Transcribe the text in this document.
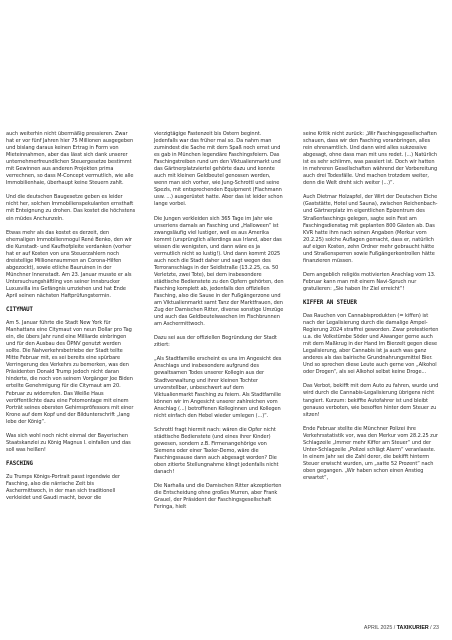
auch weiterhin nicht übermäßig pressieren. Zwar hat er vor fünf Jahren hier 75 Millionen ausgegeben und bislang daraus keinen Ertrag in Form von Mieteinnahmen, aber das lässt sich dank unserer unternehmerfreundlichen Steuergesetze bestimmt mit Gewinnen aus anderen Projekten prima verrechnen, so dass M-Concept vermutlich, wie alle Immobilienhaie, überhaupt keine Steuern zahlt.

Und die deutschen Baugesetze geben es leider nicht her, solchen Immobilienspekulanten ernsthaft mit Enteignung zu drohen. Das kostet die höchstens ein müdes Anchunzeln.

Etwas mehr als das kostet es derzeit, den ehemaligen Immobilienmogul René Benko, den wir die Kunstadt- und Kaufhofpleite verdanken (vorher hat er auf Kosten von uns Steuerzahlern noch dreistellige Millionensummen an Corona-Hilfen abgezockt), sowie etliche Bauruinen in der Münchner Innenstadt. Am 23. Januar musste er als Untersuchungshäftling von seiner Innsbrucker Luxusvilla ins Gefängnis umziehen und hat Ende April seinen nächsten Haftprüfungstermin.

CITYMAUT

Am 5. Januar führte die Stadt New York für Manhattans eine Citymaut von neun Dollar pro Tag ein, die übers Jahr rund eine Milliarde einbringen und für den Ausbau des ÖPNV genutzt werden sollte. Die Nahverkehrsbetriebe der Stadt teilte Mitte Februar mit, es sei bereits eine spürbare Verringerung des Verkehrs zu bemerken, was den Präsidenten Donald Trump jedoch nicht daran hinderte, die noch von seinem Vorgänger Joe Biden erteilte Genehmigung für die Citymaut am 20. Februar zu widerrufen. Das Weiße Haus veröffentlichte dazu eine Fotomontage mit einem Porträt seines obersten Gehirnspröfessors mit einer Krone auf dem Kopf und der Bildunterschrift „lang lebe der König“.

Was sich wohl noch nicht einmal der Bayerischen Staatskanzlei zu König Magnus I. einfallen und das soll was heißen!

FASCHING

Zu Trumps Königs-Portrait passt irgendwie der Fasching, also die närrische Zeit bis Aschermittwoch, in der man sich traditionell verkleidet und Gaudi macht, bevor die

vierzigtägige Fastenzeit bis Ostern beginnt. Jedenfalls war das früher mal so. Da nahm man zumindest die Sache mit dem Spaß noch ernst und es gab in München legendäre Faschingsfeiern. Das Faschingstreiben rund um den Viktualienmarkt und das Gärtnerplatzviertel gehörte dazu und konnte auch mit kleinen Geldbeutel genossen werden, wenn man sich vorher, wie Jung-Schrottl und seine Spezls, mit entsprechenden Equipment (Flachmann usw. ...) ausgerüstet hatte. Aber das ist leider schon lange vorbei.

Die Jungen verkleiden sich 365 Tage im Jahr wie unseriens damals an Fasching und „Halloween“ ist zwangsläufig viel lustiger, weil es aus Amerika kommt (ursprünglich allerdings aus Irland, aber das wissen die wenigsten, und dann wäre es ja vermutlich nicht so lustig!). Und dann kommt 2025 auch noch die Stadt daher und sagt wegen des Terroranschlags in der Seidlstraße (13.2.25, ca. 50 Verletzte, zwei Tote), bei dem insbesondere städtische Bedienstete zu den Opfern gehörten, den Fasching komplett ab, jedenfalls den offiziellen Fasching, also die Sause in der Fußgängerzone und am Viktualienmarkt samt Tanz der Marktfrauen, den Zug der Damischen Ritter, diverse sonstige Umzüge und auch das Geldbeutelwaschen im Fischbrunnen am Aschermittwoch.

Dazu sei aus der offiziellen Begründung der Stadt zitiert:

„Als Stadtfamilie erscheint es uns im Angesicht des Anschlags und insbesondere aufgrund des gewaltsamen Todes unserer Kollegin aus der Stadtverwaltung und ihrer kleinen Tochter unvorstellbar, unbeschwert auf dem Viktualienmarkt Fasching zu feiern. Als Stadtfamilie können wir im Angesicht unserer zahlreichen vom Anschlag (...) betroffenen Kolleginnen und Kollegen nicht einfach den Hebel wieder umlegen (...)“.

Schrottl fragt hiermit nach: wären die Opfer nicht städtische Bedienstete (und eines ihrer Kinder) gewesen, sondern z.B. Firmenangehörige von Siemens oder einer Taxler-Demo, wäre die Faschingssause dann auch abgesagt worden? Die oben zitierte Stellungnahme klingt jedenfalls nicht danach!

Die Narhalla und die Damischen Ritter akzeptierten die Entscheidung ohne großes Murren, aber Frank Grauel, der Präsident der Faschingsgesellschaft Feringa, hielt

seine Kritik nicht zurück: „Wir Faschingsgesellschaften schauen, dass wir den Fasching voranbringen, alles rein ehrenamtlich. Und dann wird alles sukzessive abgesagt, ohne dass man mit uns redet. (...) Natürlich ist es sehr schlimm, was passiert ist. Doch wir hatten in mehreren Gesellschaften während der Vorbereitung auch drei Todesfälle. Und machen trotzdem weiter, denn die Welt dreht sich weiter (...)“.

Auch Dietmar Holzapfel, der Wirt der Deutschen Eiche (Gaststätte, Hotel und Sauna), zwischen Reichenbach- und Gärtnerplatz im eigentlichen Epizentrum des Straßenfaschings gelegen, sagte sein Fest am Faschingsdienstag mit geplanten 800 Gästen ab. Das KVR hatte ihm nach seinen Angaben (Merkur vom 20.2.25) solche Auflagen gemacht, dass er, natürlich auf eigen Kosten, zehn Ordner mehr gebraucht hätte und Straßensperren sowie Fußgängerkontrollen hätte finanzieren müssen.

Dem angeblich religiös motivierten Anschlag vom 13. Februar kann man mit einem Navi-Spruch nur gratulieren: „Sie haben Ihr Ziel erreicht“!

KIFFER AN STEUER

Das Rauchen von Cannabisprodukten (= kiffen) ist nach der Legalisierung durch die damalige Ampel-Regierung 2024 straffrei geworden. Zwar protestierten u.a. die Volkstümbe Söder und Aiwanger gerne auch mit dem Maßkrug in der Hand Im Bierzelt gegen diese Legalisierung, aber Cannabis ist ja auch was ganz anderes als das bairische Grundnahrungsmittel Bier. Und so sprechen diese Leute auch gerne von „Alkohol oder Drogen“, als sei Alkohol selbst keine Droge...

Das Verbot, bekifft mit dem Auto zu fahren, wurde und wird durch die Cannabis-Legalisierung übrigens nicht tangiert. Kurzum: bekiffte Autofahrer ist und bleibt genauso verboten, wie besoffen hinter dem Steuer zu sitzen!

Ende Februar stellte die Münchner Polizei ihre Verkehrsstatistik vor, was den Merkur vom 28.2.25 zur Schlagzeile „Immer mehr Kiffer am Steuer“ und der Unter-Schlagzeile „Polizei schlägt Alarm“ veranlasste. In einem Jahr sei die Zahl derer, die bekifft hinterm Steuer erwischt wurden, um „satte 52 Prozent“ nach oben gegangen. „Wir haben schon einen Anstieg erwartet“,

APRIL 2025 / TAXIKURIER / 23
